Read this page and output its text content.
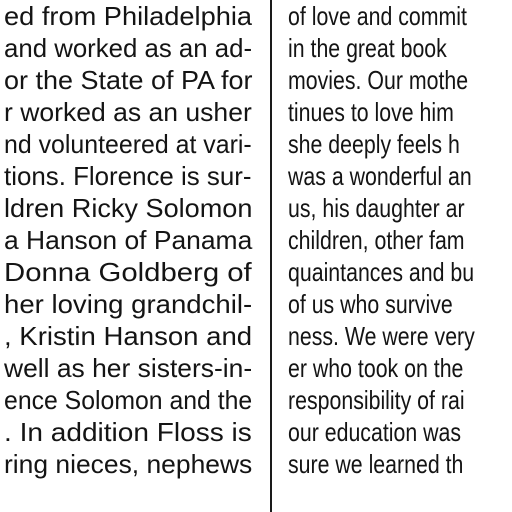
ed from Philadelphia
and worked as an ad-
or the State of PA for
r worked as an usher
nd volunteered at vari-
tions. Florence is sur-
ldren Ricky Solomon
a Hanson of Panama
Donna Goldberg of
her loving grandchil-
, Kristin Hanson and
well as her sisters-in-
ence Solomon and the
. In addition Floss is
ring nieces, nephews
of love and commit
in the great book
movies. Our mothe
tinues to love him
she deeply feels h
was a wonderful an
us, his daughter ar
children, other fam
quaintances and bu
of us who survive
ness. We were very
er who took on the
responsibility of rai
our education was
sure we learned th
